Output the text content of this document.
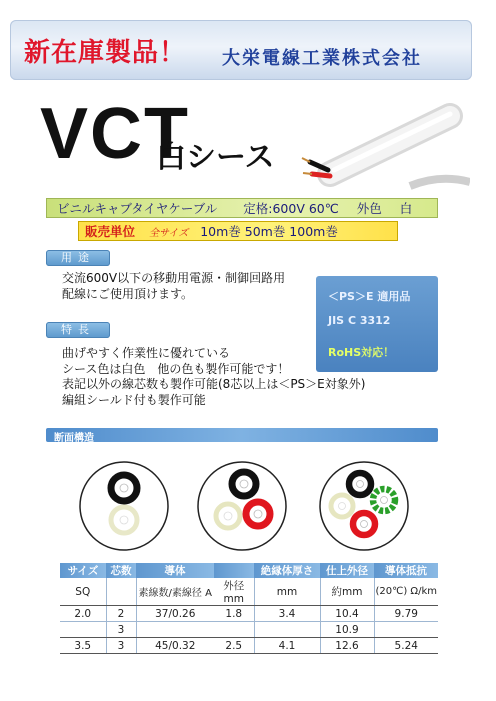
新在庫製品！ 大栄電線工業株式会社
VCT
白シース
ビニルキャブタイヤケーブル 定格:600V 60℃ 外色 白
販売単位 全サイズ 10m巻 50m巻 100m巻
用途
交流600V以下の移動用電源・制御回路用
配線にご使用頂けます。	＜PS＞E 適用品
JIS C 3312
RoHS対応！
特長
曲げやすく作業性に優れている
シース色は白色　他の色も製作可能です！
表記以外の線芯数も製作可能(8芯以上は＜PS＞E対象外)
編組シールド付も製作可能
断面構造
サイズ	芯数	導体		絶縁体厚さ	仕上外径	導体抵抗
SQ		素線数/素線径 A	外径 mm	mm	約mm	(20℃) Ω/km
2.0	2	37/0.26	1.8	3.4	10.4	9.79
	3				10.9	
3.5	3	45/0.32	2.5	4.1	12.6	5.24
